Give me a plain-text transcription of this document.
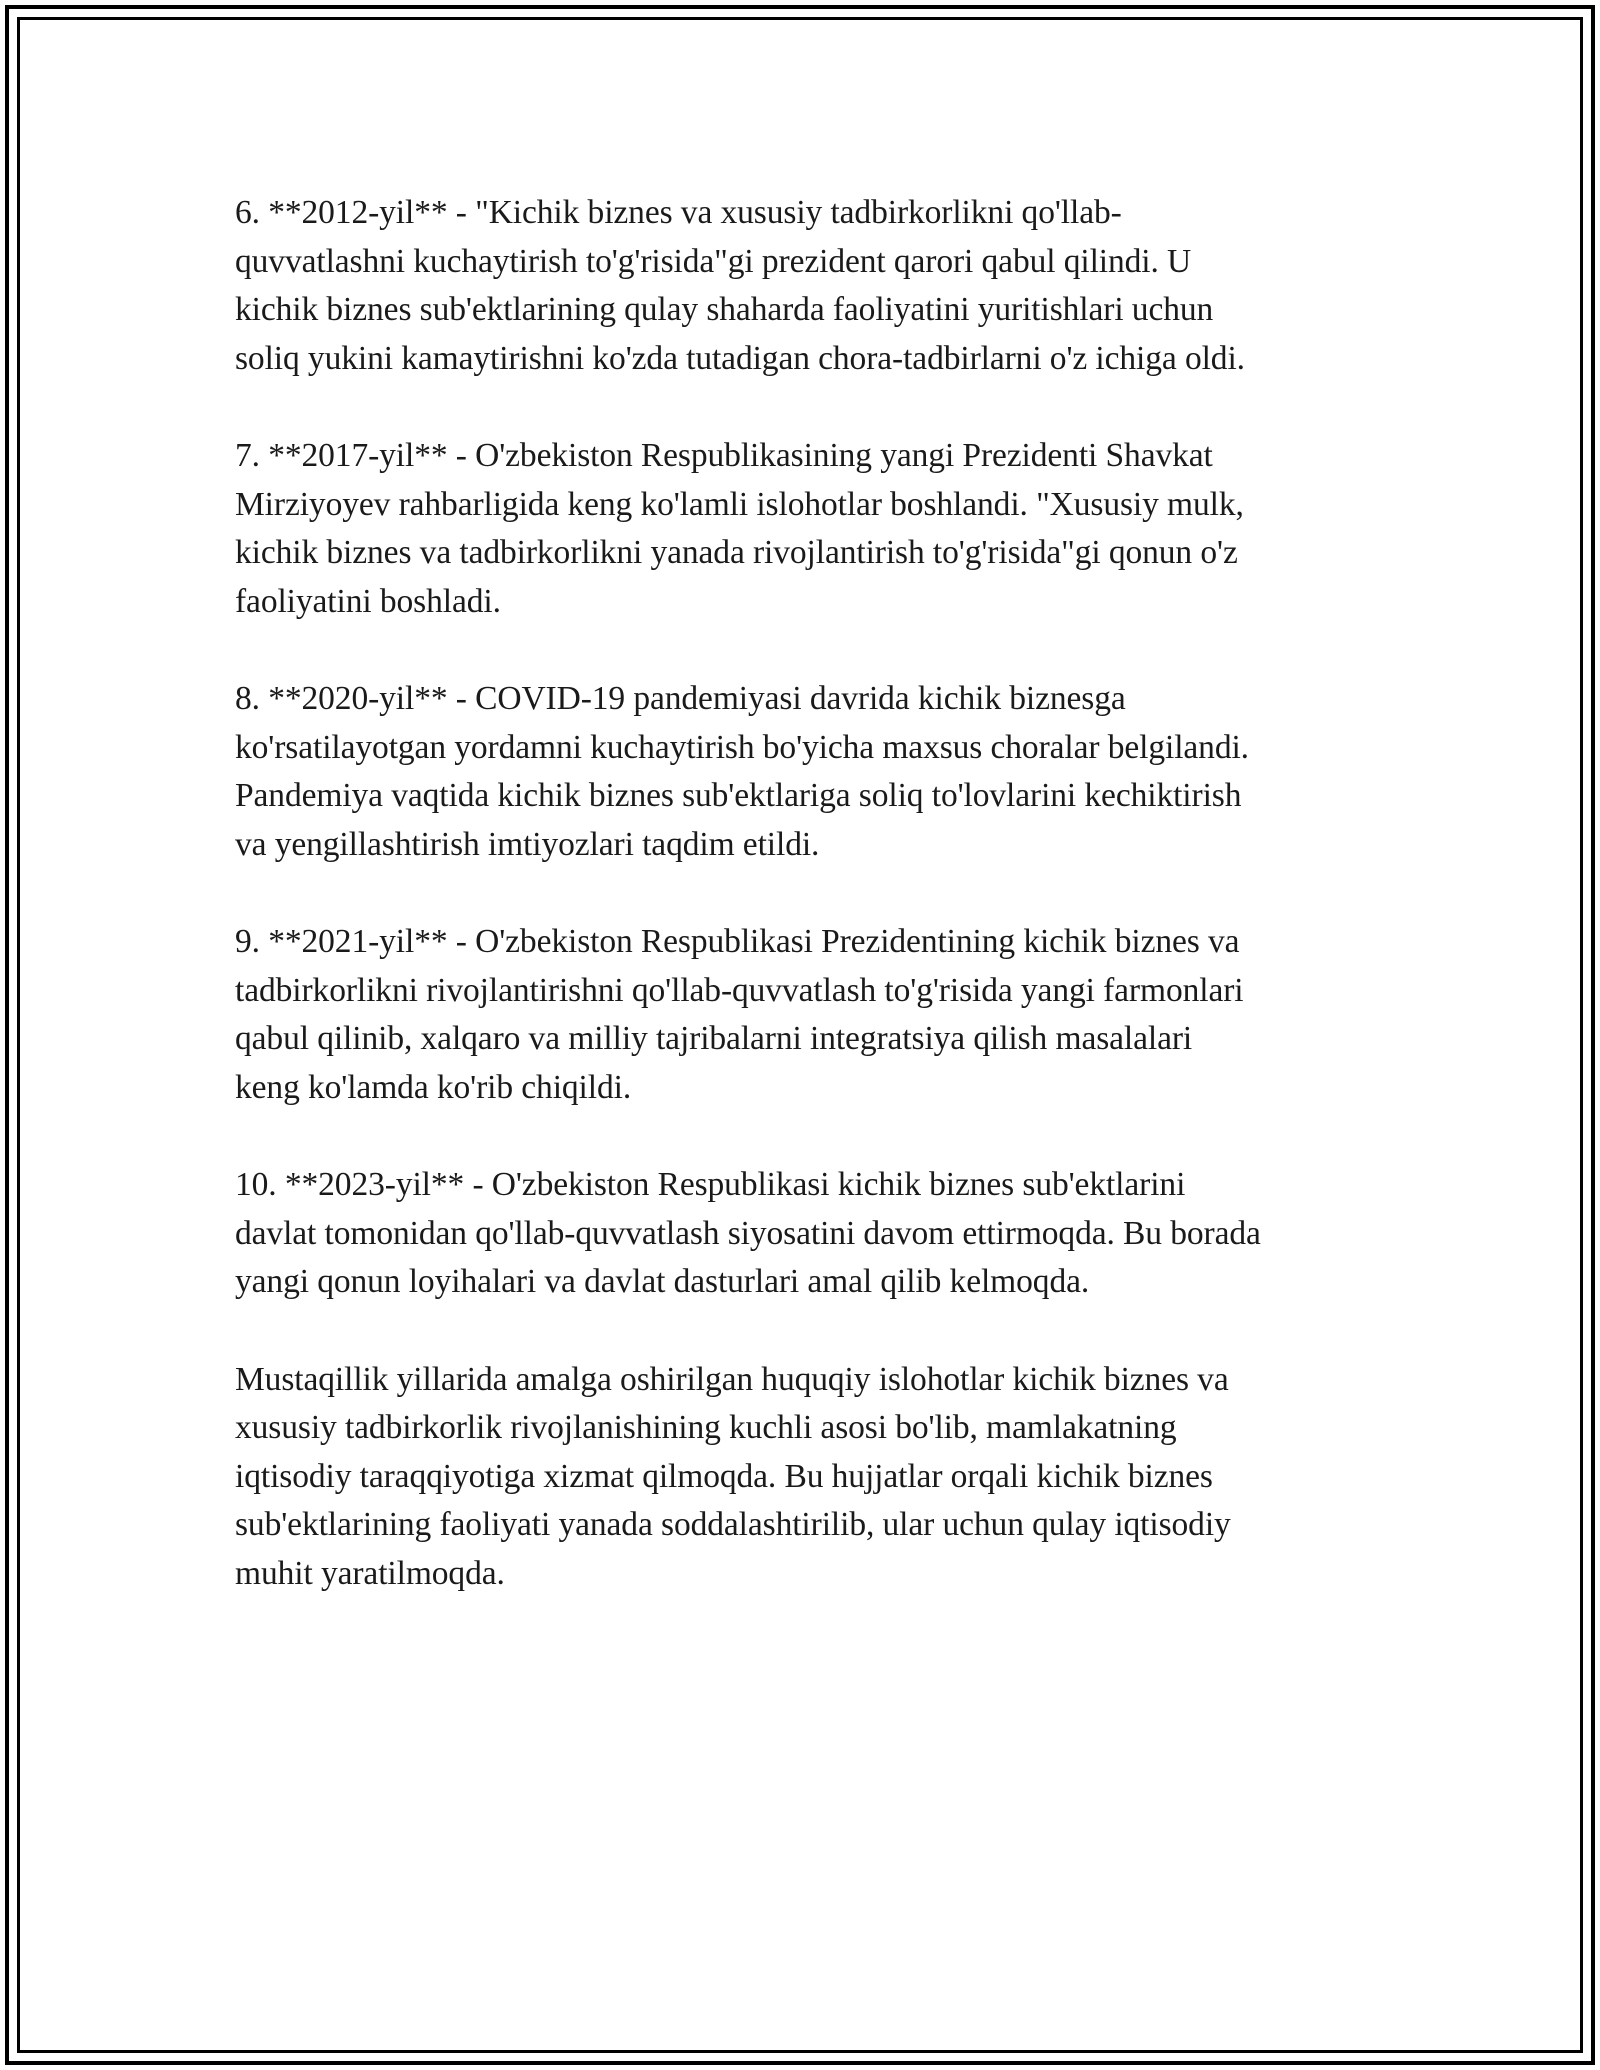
6. **2012-yil** - "Kichik biznes va xususiy tadbirkorlikni qo'llab-
quvvatlashni kuchaytirish to'g'risida"gi prezident qarori qabul qilindi. U
kichik biznes sub'ektlarining qulay shaharda faoliyatini yuritishlari uchun
soliq yukini kamaytirishni ko'zda tutadigan chora-tadbirlarni o'z ichiga oldi.

7. **2017-yil** - O'zbekiston Respublikasining yangi Prezidenti Shavkat
Mirziyoyev rahbarligida keng ko'lamli islohotlar boshlandi. "Xususiy mulk,
kichik biznes va tadbirkorlikni yanada rivojlantirish to'g'risida"gi qonun o'z
faoliyatini boshladi.

8. **2020-yil** - COVID-19 pandemiyasi davrida kichik biznesga
ko'rsatilayotgan yordamni kuchaytirish bo'yicha maxsus choralar belgilandi.
Pandemiya vaqtida kichik biznes sub'ektlariga soliq to'lovlarini kechiktirish
va yengillashtirish imtiyozlari taqdim etildi.

9. **2021-yil** - O'zbekiston Respublikasi Prezidentining kichik biznes va
tadbirkorlikni rivojlantirishni qo'llab-quvvatlash to'g'risida yangi farmonlari
qabul qilinib, xalqaro va milliy tajribalarni integratsiya qilish masalalari
keng ko'lamda ko'rib chiqildi.

10. **2023-yil** - O'zbekiston Respublikasi kichik biznes sub'ektlarini
davlat tomonidan qo'llab-quvvatlash siyosatini davom ettirmoqda. Bu borada
yangi qonun loyihalari va davlat dasturlari amal qilib kelmoqda.

Mustaqillik yillarida amalga oshirilgan huquqiy islohotlar kichik biznes va
xususiy tadbirkorlik rivojlanishining kuchli asosi bo'lib, mamlakatning
iqtisodiy taraqqiyotiga xizmat qilmoqda. Bu hujjatlar orqali kichik biznes
sub'ektlarining faoliyati yanada soddalashtirilib, ular uchun qulay iqtisodiy
muhit yaratilmoqda.
